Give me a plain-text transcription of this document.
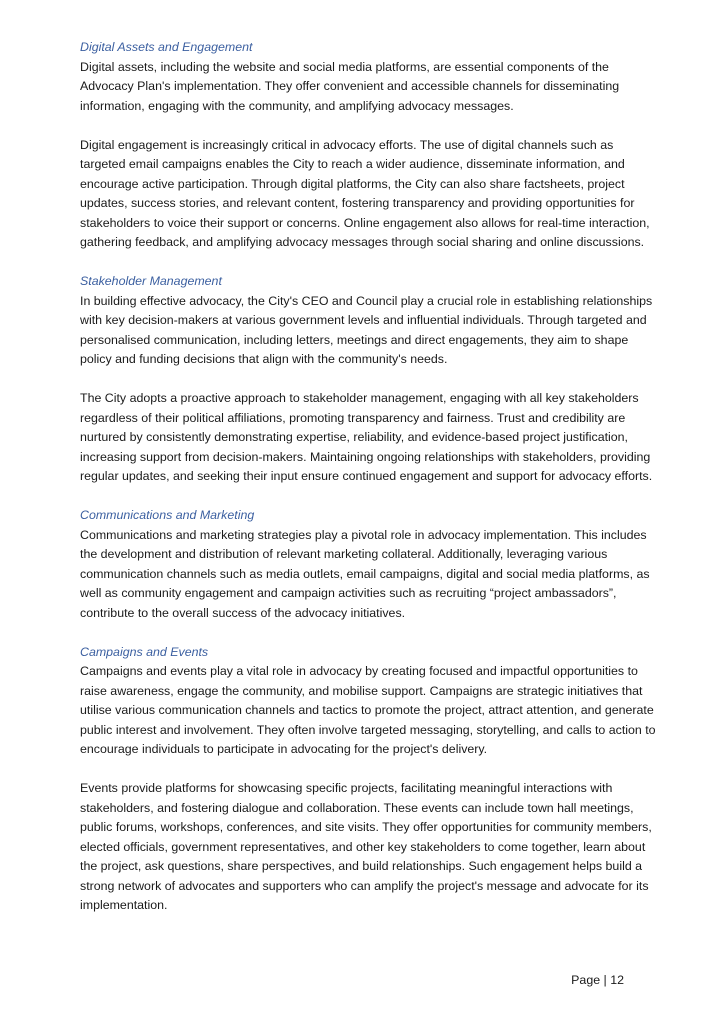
Digital Assets and Engagement

Digital assets, including the website and social media platforms, are essential components of the Advocacy Plan's implementation. They offer convenient and accessible channels for disseminating information, engaging with the community, and amplifying advocacy messages.

Digital engagement is increasingly critical in advocacy efforts. The use of digital channels such as targeted email campaigns enables the City to reach a wider audience, disseminate information, and encourage active participation. Through digital platforms, the City can also share factsheets, project updates, success stories, and relevant content, fostering transparency and providing opportunities for stakeholders to voice their support or concerns. Online engagement also allows for real-time interaction, gathering feedback, and amplifying advocacy messages through social sharing and online discussions.

Stakeholder Management

In building effective advocacy, the City's CEO and Council play a crucial role in establishing relationships with key decision-makers at various government levels and influential individuals. Through targeted and personalised communication, including letters, meetings and direct engagements, they aim to shape policy and funding decisions that align with the community's needs.

The City adopts a proactive approach to stakeholder management, engaging with all key stakeholders regardless of their political affiliations, promoting transparency and fairness. Trust and credibility are nurtured by consistently demonstrating expertise, reliability, and evidence-based project justification, increasing support from decision-makers. Maintaining ongoing relationships with stakeholders, providing regular updates, and seeking their input ensure continued engagement and support for advocacy efforts.

Communications and Marketing

Communications and marketing strategies play a pivotal role in advocacy implementation. This includes the development and distribution of relevant marketing collateral. Additionally, leveraging various communication channels such as media outlets, email campaigns, digital and social media platforms, as well as community engagement and campaign activities such as recruiting “project ambassadors”, contribute to the overall success of the advocacy initiatives.

Campaigns and Events

Campaigns and events play a vital role in advocacy by creating focused and impactful opportunities to raise awareness, engage the community, and mobilise support. Campaigns are strategic initiatives that utilise various communication channels and tactics to promote the project, attract attention, and generate public interest and involvement. They often involve targeted messaging, storytelling, and calls to action to encourage individuals to participate in advocating for the project's delivery.

Events provide platforms for showcasing specific projects, facilitating meaningful interactions with stakeholders, and fostering dialogue and collaboration. These events can include town hall meetings, public forums, workshops, conferences, and site visits. They offer opportunities for community members, elected officials, government representatives, and other key stakeholders to come together, learn about the project, ask questions, share perspectives, and build relationships. Such engagement helps build a strong network of advocates and supporters who can amplify the project's message and advocate for its implementation.

Page | 12
